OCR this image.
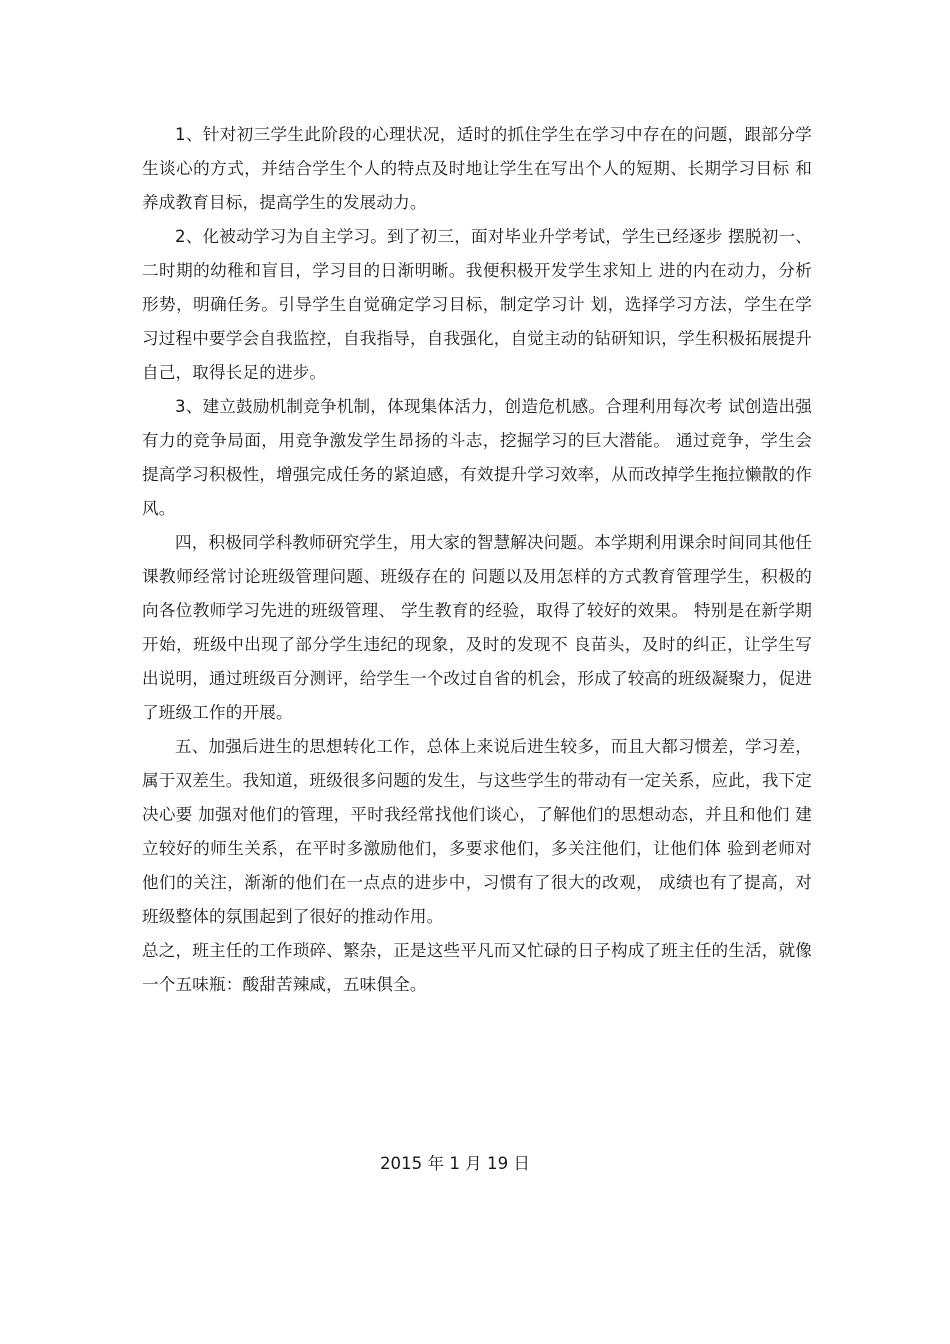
1、针对初三学生此阶段的心理状况，适时的抓住学生在学习中存在的问题，跟部分学生谈心的方式，并结合学生个人的特点及时地让学生在写出个人的短期、长期学习目标 和养成教育目标，提高学生的发展动力。

2、化被动学习为自主学习。到了初三，面对毕业升学考试，学生已经逐步 摆脱初一、二时期的幼稚和盲目，学习目的日渐明晰。我便积极开发学生求知上 进的内在动力，分析形势，明确任务。引导学生自觉确定学习目标，制定学习计 划，选择学习方法，学生在学习过程中要学会自我监控，自我指导，自我强化，自觉主动的钻研知识，学生积极拓展提升自己，取得长足的进步。

3、建立鼓励机制竞争机制，体现集体活力，创造危机感。合理利用每次考 试创造出强有力的竞争局面，用竞争激发学生昂扬的斗志，挖掘学习的巨大潜能。 通过竞争，学生会提高学习积极性，增强完成任务的紧迫感，有效提升学习效率，从而改掉学生拖拉懒散的作风。

四，积极同学科教师研究学生，用大家的智慧解决问题。本学期利用课余时间同其他任课教师经常讨论班级管理问题、班级存在的 问题以及用怎样的方式教育管理学生，积极的向各位教师学习先进的班级管理、 学生教育的经验，取得了较好的效果。 特别是在新学期开始，班级中出现了部分学生违纪的现象，及时的发现不 良苗头，及时的纠正，让学生写出说明，通过班级百分测评，给学生一个改过自省的机会，形成了较高的班级凝聚力，促进 了班级工作的开展。

五、加强后进生的思想转化工作，总体上来说后进生较多，而且大都习惯差，学习差，属于双差生。我知道，班级很多问题的发生，与这些学生的带动有一定关系，应此，我下定决心要 加强对他们的管理，平时我经常找他们谈心，了解他们的思想动态，并且和他们 建立较好的师生关系，在平时多激励他们，多要求他们，多关注他们，让他们体 验到老师对他们的关注，渐渐的他们在一点点的进步中，习惯有了很大的改观， 成绩也有了提高，对班级整体的氛围起到了很好的推动作用。

总之，班主任的工作琐碎、繁杂，正是这些平凡而又忙碌的日子构成了班主任的生活，就像一个五味瓶：酸甜苦辣咸，五味俱全。

2015 年 1 月 19 日
